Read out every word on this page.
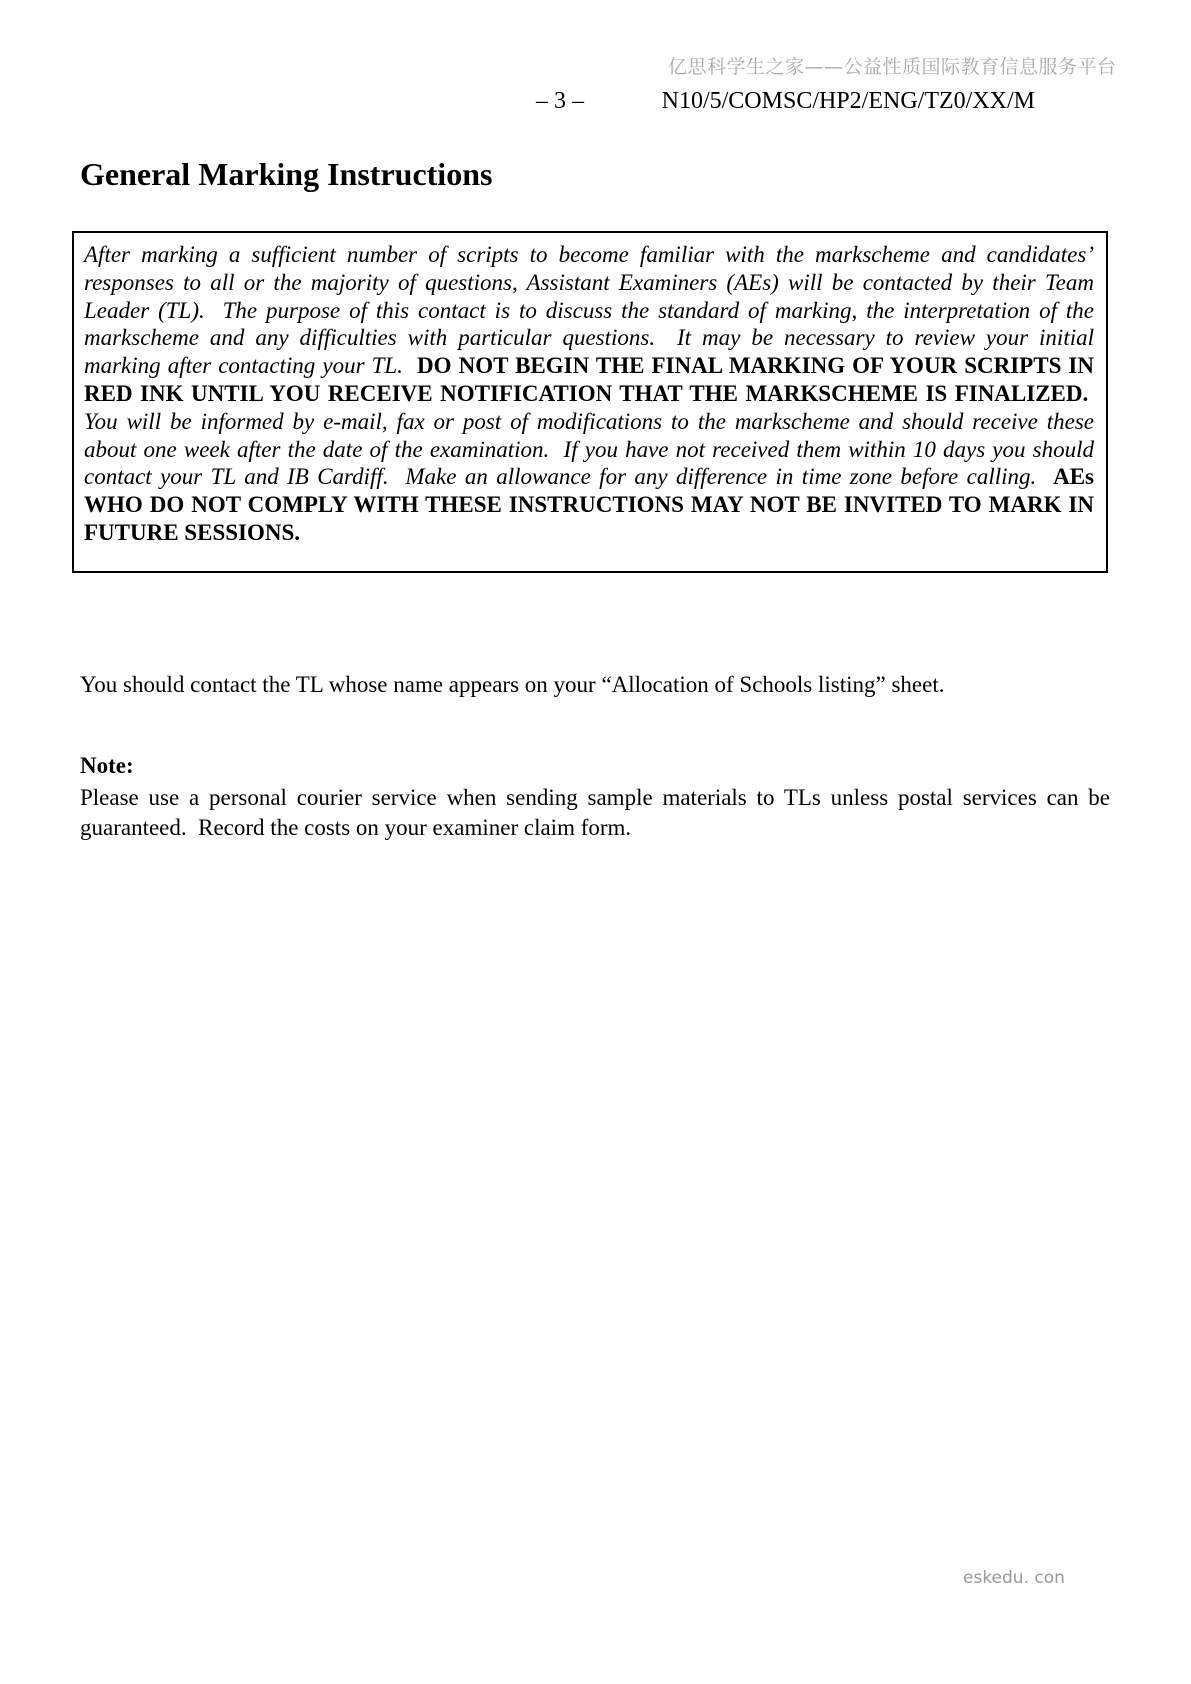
亿思科学生之家——公益性质国际教育信息服务平台
– 3 –	N10/5/COMSC/HP2/ENG/TZ0/XX/M
General Marking Instructions
After marking a sufficient number of scripts to become familiar with the markscheme and candidates’ responses to all or the majority of questions, Assistant Examiners (AEs) will be contacted by their Team Leader (TL).  The purpose of this contact is to discuss the standard of marking, the interpretation of the markscheme and any difficulties with particular questions.  It may be necessary to review your initial marking after contacting your TL.  DO NOT BEGIN THE FINAL MARKING OF YOUR SCRIPTS IN RED INK UNTIL YOU RECEIVE NOTIFICATION THAT THE MARKSCHEME IS FINALIZED.  You will be informed by e-mail, fax or post of modifications to the markscheme and should receive these about one week after the date of the examination.  If you have not received them within 10 days you should contact your TL and IB Cardiff.  Make an allowance for any difference in time zone before calling.  AEs WHO DO NOT COMPLY WITH THESE INSTRUCTIONS MAY NOT BE INVITED TO MARK IN FUTURE SESSIONS.
You should contact the TL whose name appears on your “Allocation of Schools listing” sheet.
Note:
Please use a personal courier service when sending sample materials to TLs unless postal services can be guaranteed.  Record the costs on your examiner claim form.
eskedu. con
